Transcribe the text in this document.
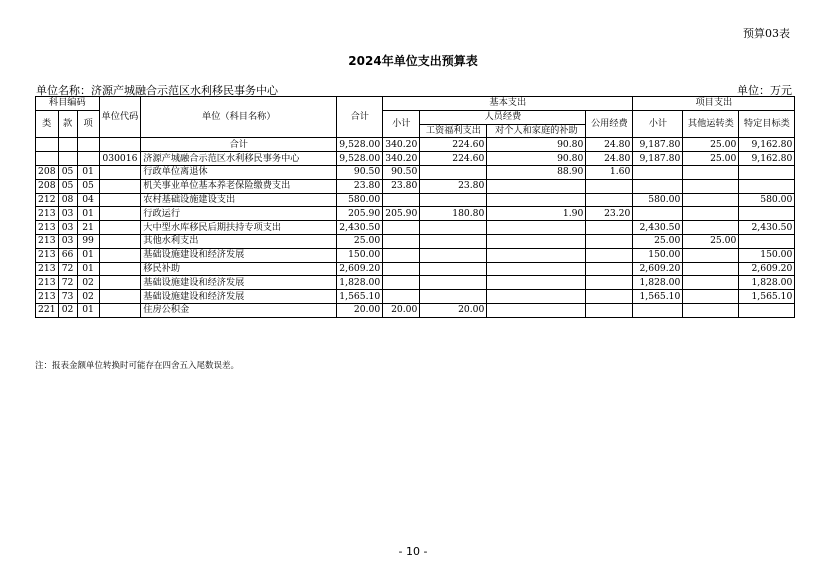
预算03表
2024年单位支出预算表
单位名称：济源产城融合示范区水利移民事务中心	单位：万元
科目编码			单位代码	单位（科目名称）	合计	基本支出				项目支出		
类	款	项				小计	人员经费		公用经费	小计	其他运转类	特定目标类
							工资福利支出	对个人和家庭的补助				
				合计	9,528.00	340.20	224.60	90.80	24.80	9,187.80	25.00	9,162.80
			030016	济源产城融合示范区水利移民事务中心	9,528.00	340.20	224.60	90.80	24.80	9,187.80	25.00	9,162.80
208	05	01		行政单位离退休	90.50	90.50		88.90	1.60			
208	05	05		机关事业单位基本养老保险缴费支出	23.80	23.80	23.80					
212	08	04		农村基础设施建设支出	580.00					580.00		580.00
213	03	01		行政运行	205.90	205.90	180.80	1.90	23.20			
213	03	21		大中型水库移民后期扶持专项支出	2,430.50					2,430.50		2,430.50
213	03	99		其他水利支出	25.00					25.00	25.00	
213	66	01		基础设施建设和经济发展	150.00					150.00		150.00
213	72	01		移民补助	2,609.20					2,609.20		2,609.20
213	72	02		基础设施建设和经济发展	1,828.00					1,828.00		1,828.00
213	73	02		基础设施建设和经济发展	1,565.10					1,565.10		1,565.10
221	02	01		住房公积金	20.00	20.00	20.00					
注：报表金额单位转换时可能存在四舍五入尾数误差。
- 10 -
